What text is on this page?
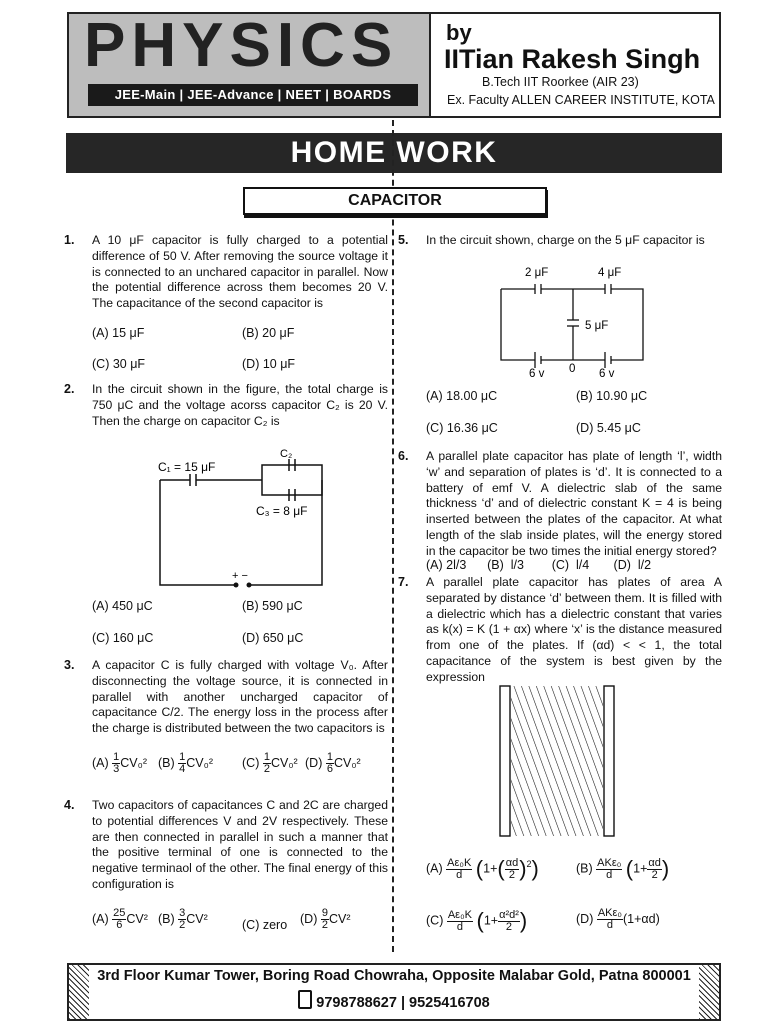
PHYSICS
JEE-Main | JEE-Advance | NEET | BOARDS
by
IITian Rakesh Singh
B.Tech IIT Roorkee (AIR 23)
Ex. Faculty ALLEN CAREER INSTITUTE, KOTA
HOME WORK
CAPACITOR
1. A 10 μF capacitor is fully charged to a potential difference of 50 V. After removing the source voltage it is connected to an unchared capacitor in parallel. Now the potential difference across them becomes 20 V. The capacitance of the second capacitor is
(A) 15 μF	(B) 20 μF
(C) 30 μF	(D) 10 μF
2. In the circuit shown in the figure, the total charge is 750 μC and the voltage acorss capacitor C₂ is 20 V. Then the charge on capacitor C₂ is
C₁ = 15 μF
C₂
C₃ = 8 μF
+ −
(A) 450 μC	(B) 590 μC
(C) 160 μC	(D) 650 μC
3. A capacitor C is fully charged with voltage V₀. After disconnecting the voltage source, it is connected in parallel with another uncharged capacitor of capacitance C/2. The energy loss in the process after the charge is distributed between the two capacitors is
$(A) \frac{1}{3} CV_0^2$ $(B) \frac{1}{4} CV_0^2$ $(C) \frac{1}{2} CV_0^2$ $(D) \frac{1}{6} CV_0^2$
4. Two capacitors of capacitances C and 2C are charged to potential differences V and 2V respectively. These are then connected in parallel in such a manner that the positive terminal of one is connected to the negative terminaol of the other. The final energy of this configuration is
$(A) \frac{25}{6} CV^2$ $(B) \frac{3}{2} CV^2$	(C) zero $(D) \frac{9}{2} CV^2$
5. In the circuit shown, charge on the 5 μF capacitor is
2 μF	4 μF
5 μF
6 v 0 6 v
(A) 18.00 μC	(B) 10.90 μC
(C) 16.36 μC	(D) 5.45 μC
6. A parallel plate capacitor has plate of length ‘l’, width ‘w’ and separation of plates is ‘d’. It is connected to a battery of emf V. A dielectric slab of the same thickness ‘d’ and of dielectric constant K = 4 is being inserted between the plates of the capacitor. At what length of the slab inside plates, will the energy stored in the capacitor be two times the initial energy stored?
(A) 2l/3      (B)  l/3        (C)  l/4       (D)  l/2
7. A parallel plate capacitor has plates of area A separated by distance ‘d’ between them. It is filled with a dielectric which has a dielectric constant that varies as k(x) = K (1 + αx) where ‘x’ is the distance measured from one of the plates. If (αd) < < 1, the total capacitance of the system is best given by the expression
$(A) \frac{\text{Aε₀K}}{d} (1+( \frac{\alpha d}{2} )^2)$	$(B) \frac{\text{AKε₀}}{d} (1+ \frac{\alpha d}{2}$ )
$(C) \frac{\text{Aε₀K}}{d} (1+ \frac{\text{α²d²}}{2}$ )	$(D) \frac{\text{AKε₀}}{d} (1+\alpha d)$
3rd Floor Kumar Tower, Boring Road Chowraha, Opposite Malabar Gold, Patna 800001
9798788627 | 9525416708
